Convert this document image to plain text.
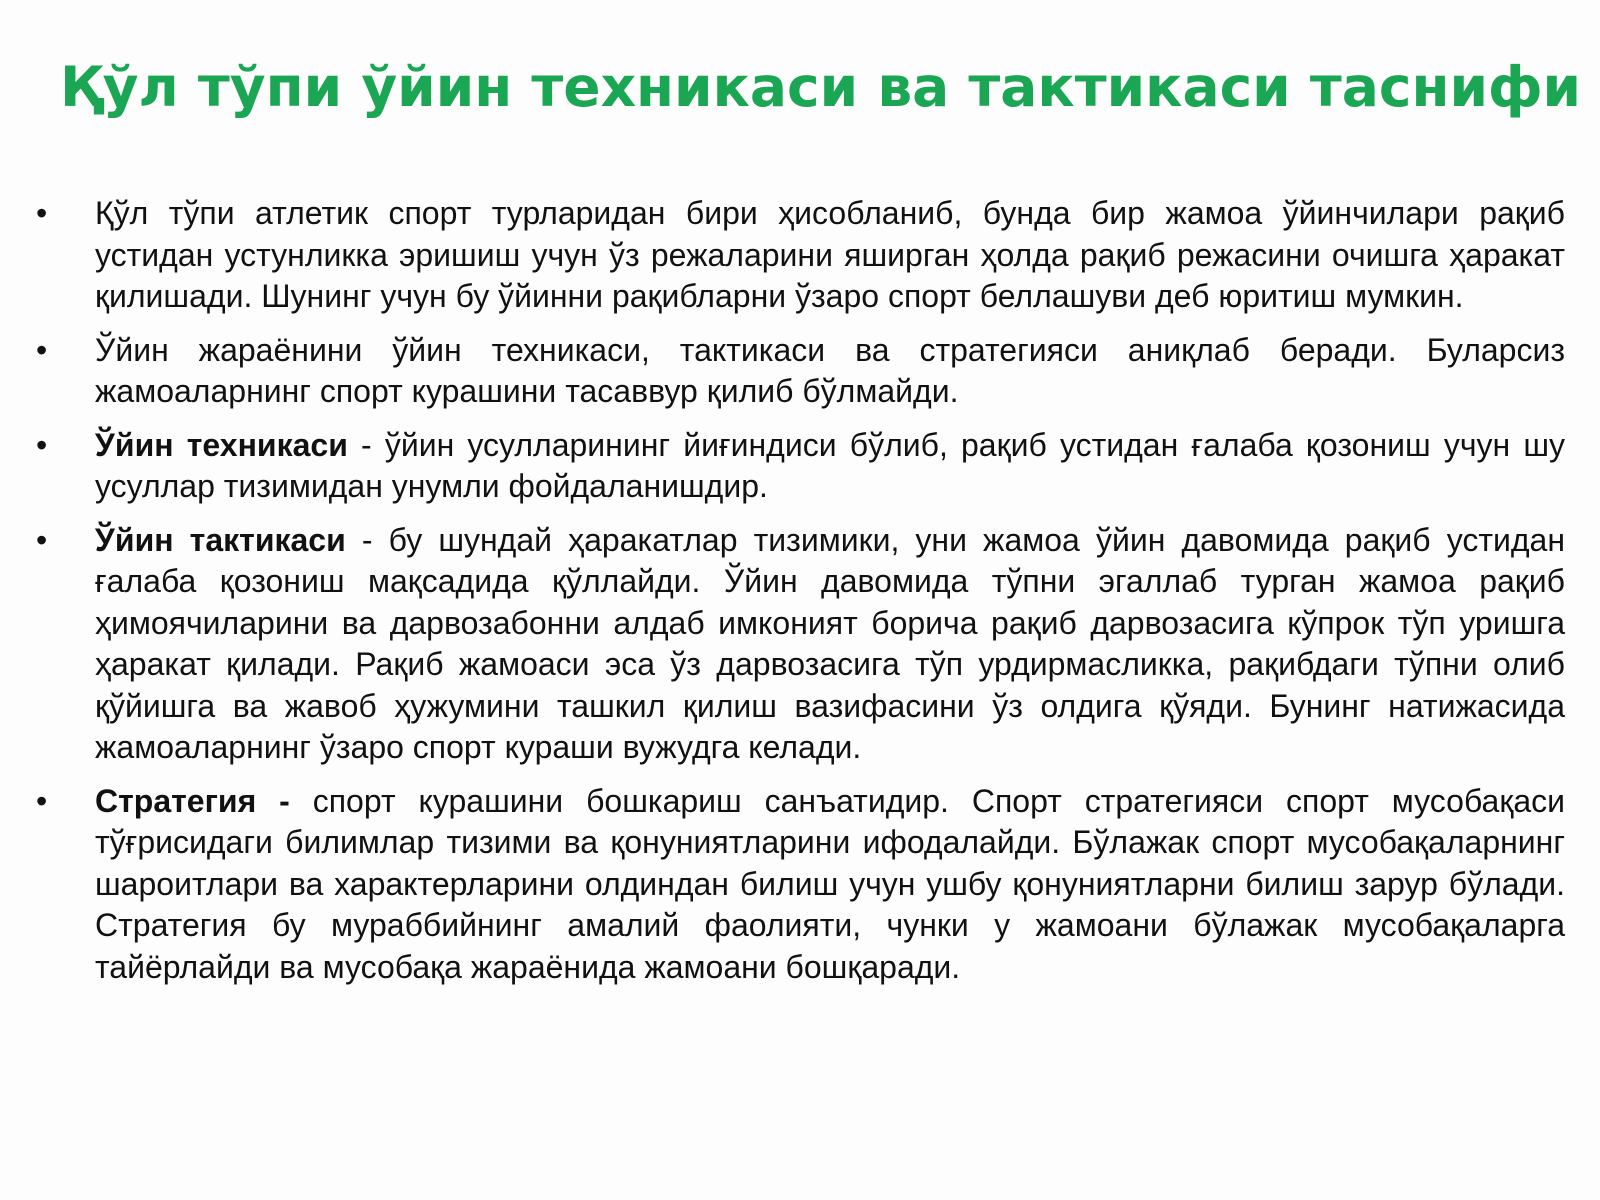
Қўл тўпи ўйин техникаси ва тактикаси таснифи
• Қўл тўпи атлетик спорт турларидан бири ҳисобланиб, бунда бир жамоа ўйинчилари рақиб устидан устунликка эришиш учун ўз режаларини яширган ҳолда рақиб режасини очишга ҳаракат қилишади. Шунинг учун бу ўйинни рақибларни ўзаро спорт беллашуви деб юритиш мумкин.
• Ўйин жараёнини ўйин техникаси, тактикаси ва стратегияси аниқлаб беради. Буларсиз жамоаларнинг спорт курашини тасаввур қилиб бўлмайди.
• Ўйин техникаси - ўйин усулларининг йиғиндиси бўлиб, рақиб устидан ғалаба қозониш учун шу усуллар тизимидан унумли фойдаланишдир.
• Ўйин тактикаси - бу шундай ҳаракатлар тизимики, уни жамоа ўйин давомида рақиб устидан ғалаба қозониш мақсадида қўллайди. Ўйин давомида тўпни эгаллаб турган жамоа рақиб ҳимоячиларини ва дарвозабонни алдаб имконият борича рақиб дарвозасига кўпрок тўп уришга ҳаракат қилади. Рақиб жамоаси эса ўз дарвозасига тўп урдирмасликка, рақибдаги тўпни олиб қўйишга ва жавоб ҳужумини ташкил қилиш вазифасини ўз олдига қўяди. Бунинг натижасида жамоаларнинг ўзаро спорт кураши вужудга келади.
• Стратегия - спорт курашини бошкариш санъатидир. Спорт стратегияси спорт мусобақаси тўғрисидаги билимлар тизими ва қонуниятларини ифодалайди. Бўлажак спорт мусобақаларнинг шароитлари ва характерларини олдиндан билиш учун ушбу қонуниятларни билиш зарур бўлади. Стратегия бу мураббийнинг амалий фаолияти, чунки у жамоани бўлажак мусобақаларга тайёрлайди ва мусобақа жараёнида жамоани бошқаради.
